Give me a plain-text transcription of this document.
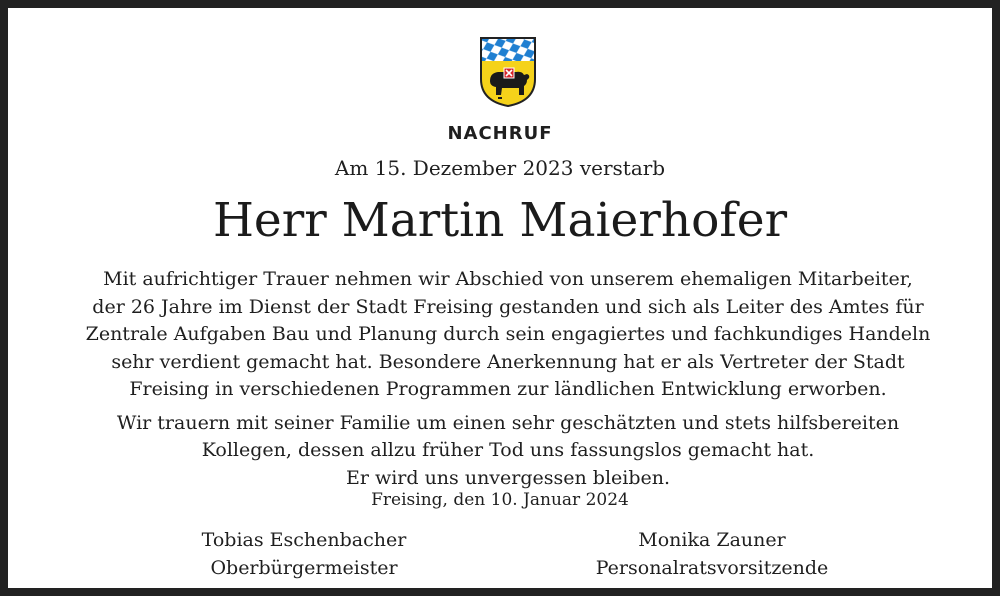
NACHRUF
Am 15. Dezember 2023 verstarb
Herr Martin Maierhofer

Mit aufrichtiger Trauer nehmen wir Abschied von unserem ehemaligen Mitarbeiter,
der 26 Jahre im Dienst der Stadt Freising gestanden und sich als Leiter des Amtes für
Zentrale Aufgaben Bau und Planung durch sein engagiertes und fachkundiges Handeln
sehr verdient gemacht hat. Besondere Anerkennung hat er als Vertreter der Stadt
Freising in verschiedenen Programmen zur ländlichen Entwicklung erworben.

Wir trauern mit seiner Familie um einen sehr geschätzten und stets hilfsbereiten
Kollegen, dessen allzu früher Tod uns fassungslos gemacht hat.
Er wird uns unvergessen bleiben.

Freising, den 10. Januar 2024
Tobias Eschenbacher
Oberbürgermeister
Monika Zauner
Personalratsvorsitzende
